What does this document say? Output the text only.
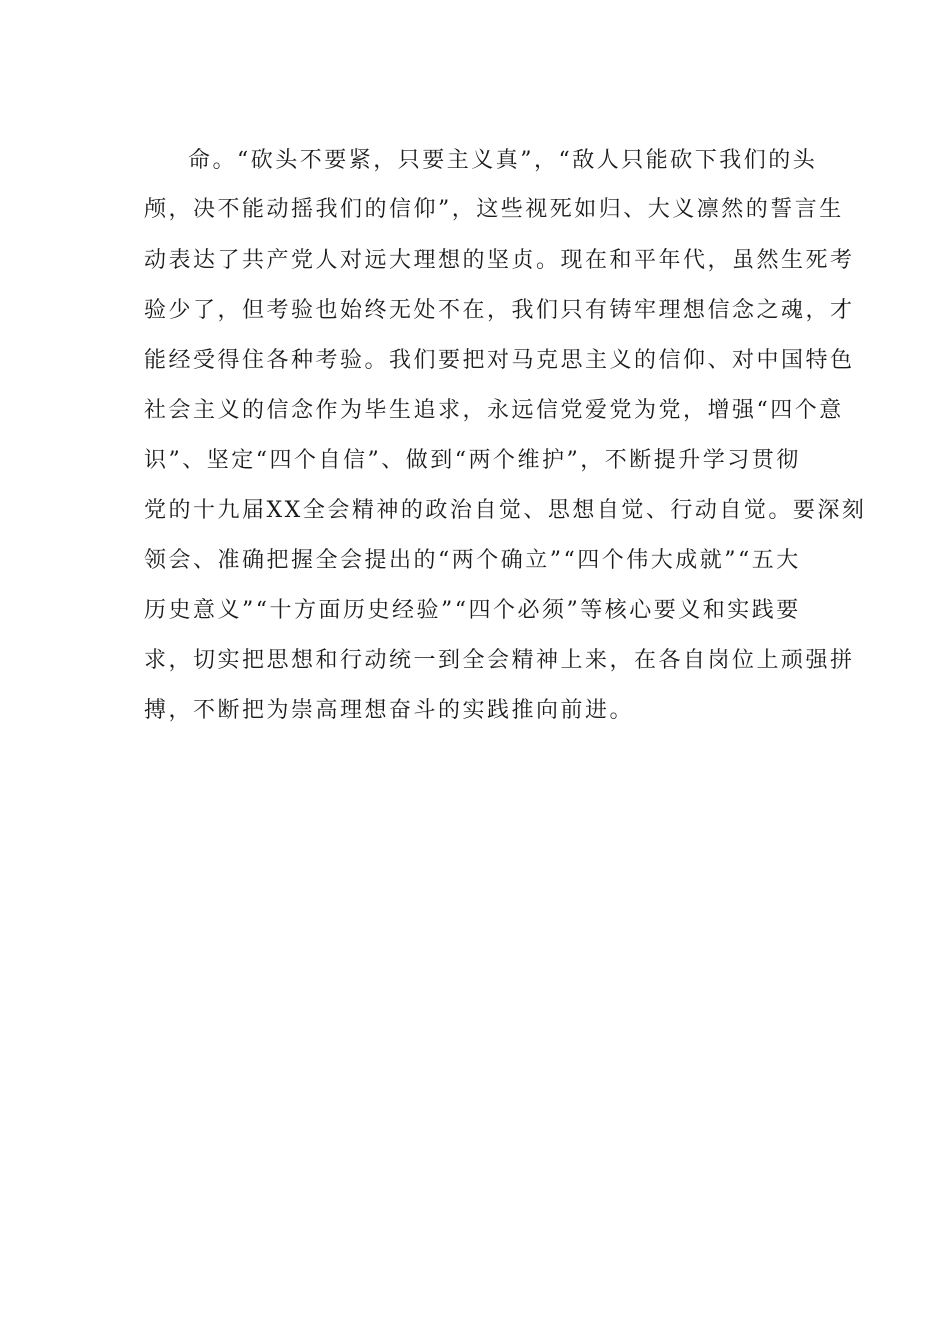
命。“砍头不要紧，只要主义真”，“敌人只能砍下我们的头
颅，决不能动摇我们的信仰”，这些视死如归、大义凛然的誓言生
动表达了共产党人对远大理想的坚贞。现在和平年代，虽然生死考
验少了，但考验也始终无处不在，我们只有铸牢理想信念之魂，才
能经受得住各种考验。我们要把对马克思主义的信仰、对中国特色
社会主义的信念作为毕生追求，永远信党爱党为党，增强“四个意
识”、坚定“四个自信”、做到“两个维护”，不断提升学习贯彻
党的十九届XX全会精神的政治自觉、思想自觉、行动自觉。要深刻
领会、准确把握全会提出的“两个确立”“四个伟大成就”“五大
历史意义”“十方面历史经验”“四个必须”等核心要义和实践要
求，切实把思想和行动统一到全会精神上来，在各自岗位上顽强拼
搏，不断把为崇高理想奋斗的实践推向前进。
